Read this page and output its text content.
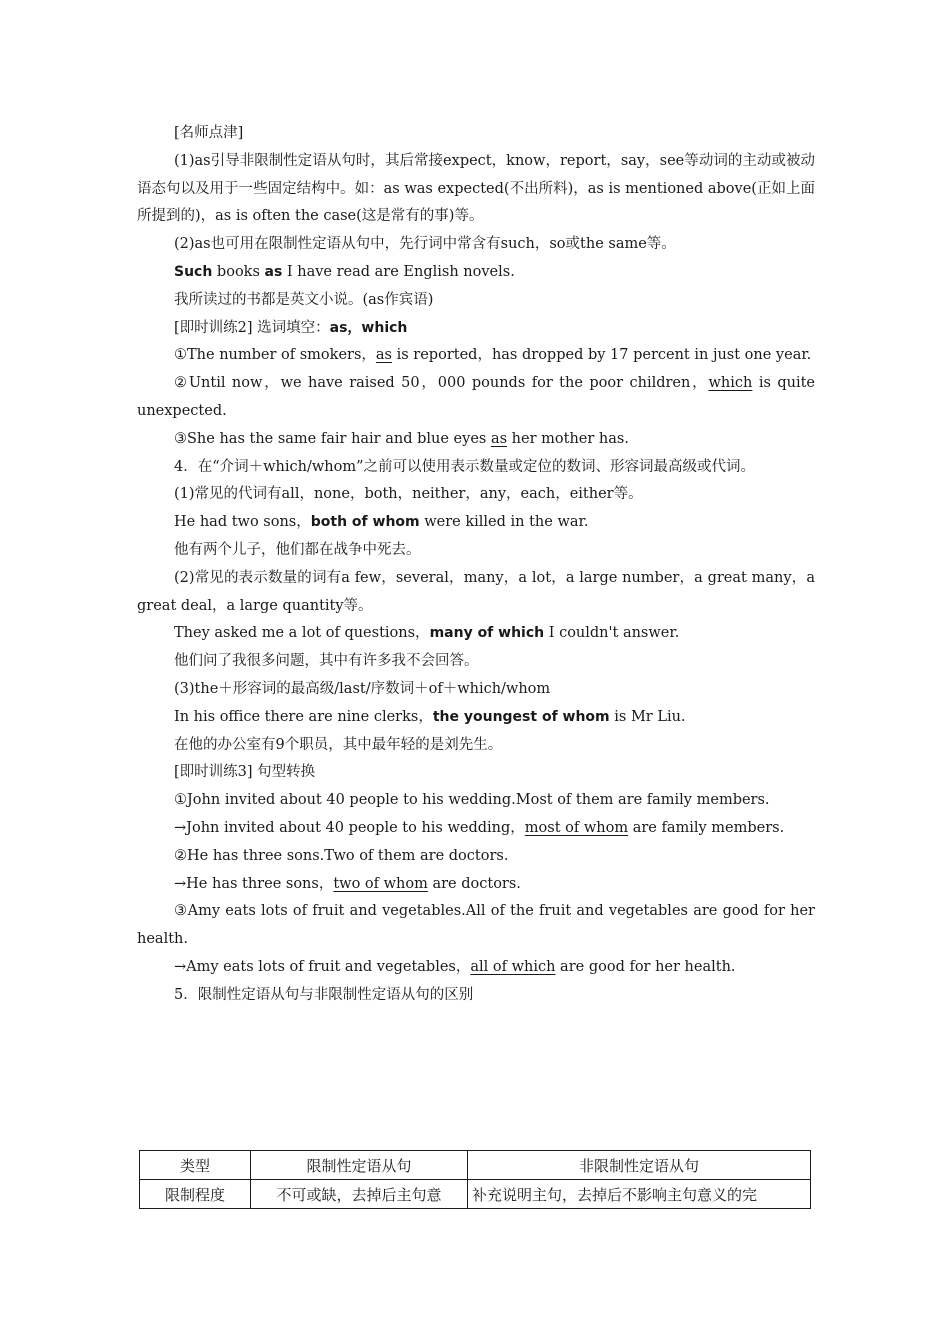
[名师点津]
(1)as引导非限制性定语从句时，其后常接expect，know，report，say，see等动词的主动或被动语态句以及用于一些固定结构中。如：as was expected(不出所料)，as is mentioned above(正如上面所提到的)，as is often the case(这是常有的事)等。
(2)as也可用在限制性定语从句中，先行词中常含有such，so或the same等。
Such books as I have read are English novels.
我所读过的书都是英文小说。(as作宾语)
[即时训练2] 选词填空：as，which
①The number of smokers，as is reported，has dropped by 17 percent in just one year.
②Until now，we have raised 50，000 pounds for the poor children，which is quite unexpected.
③She has the same fair hair and blue eyes as her mother has.
4．在“介词＋which/whom”之前可以使用表示数量或定位的数词、形容词最高级或代词。
(1)常见的代词有all，none，both，neither，any，each，either等。
He had two sons，both of whom were killed in the war.
他有两个儿子，他们都在战争中死去。
(2)常见的表示数量的词有a few，several，many，a lot，a large number，a great many，a great deal，a large quantity等。
They asked me a lot of questions，many of which I couldn't answer.
他们问了我很多问题，其中有许多我不会回答。
(3)the＋形容词的最高级/last/序数词＋of＋which/whom
In his office there are nine clerks，the youngest of whom is Mr Liu.
在他的办公室有9个职员，其中最年轻的是刘先生。
[即时训练3] 句型转换
①John invited about 40 people to his wedding.Most of them are family members.
→John invited about 40 people to his wedding，most of whom are family members.
②He has three sons.Two of them are doctors.
→He has three sons，two of whom are doctors.
③Amy eats lots of fruit and vegetables.All of the fruit and vegetables are good for her health.
→Amy eats lots of fruit and vegetables，all of which are good for her health.
5．限制性定语从句与非限制性定语从句的区别
类型	限制性定语从句	非限制性定语从句
限制程度	不可或缺，去掉后主句意	补充说明主句，去掉后不影响主句意义的完
